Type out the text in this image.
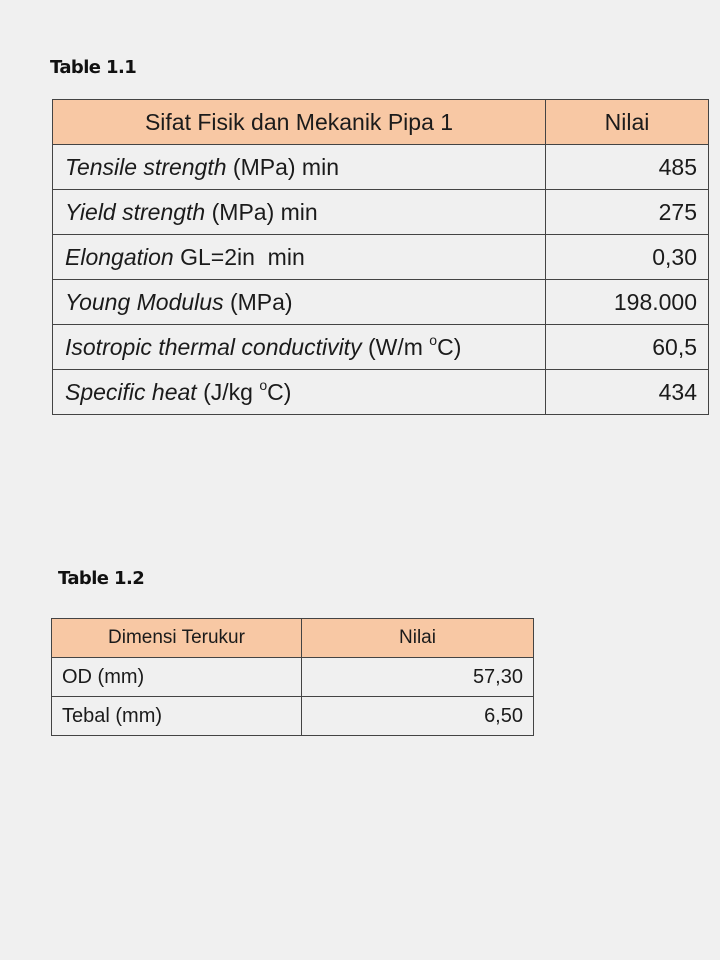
Table 1.1
Sifat Fisik dan Mekanik Pipa 1	Nilai
Tensile strength (MPa) min	485
Yield strength (MPa) min	275
Elongation GL=2in  min	0,30
Young Modulus (MPa)	198.000
Isotropic thermal conductivity (W/m $^o$C)	60,5
Specific heat (J/kg $^o$C)	434
Table 1.2
Dimensi Terukur	Nilai
OD (mm)	57,30
Tebal (mm)	6,50
